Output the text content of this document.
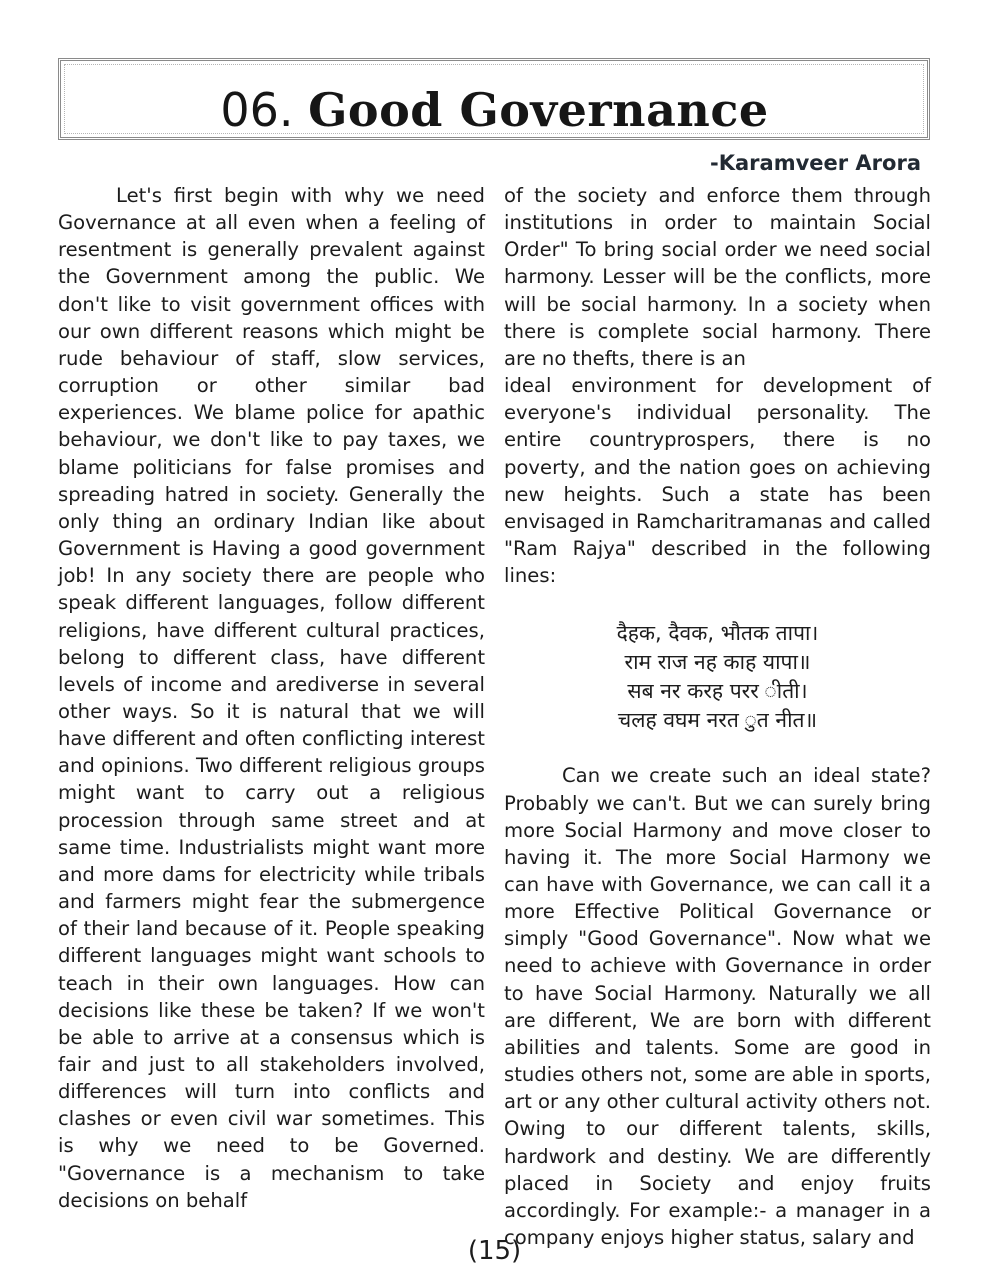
06. Good Governance
-Karamveer Arora

Let's first begin with why we need Governance at all even when a feeling of resentment is generally prevalent against the Government among the public. We don't like to visit government offices with our own different reasons which might be rude behaviour of staff, slow services, corruption or other similar bad experiences. We blame police for apathic behaviour, we don't like to pay taxes, we blame politicians for false promises and spreading hatred in society. Generally the only thing an ordinary Indian like about Government is Having a good government job! In any society there are people who speak different languages, follow different religions, have different cultural practices, belong to different class, have different levels of income and arediverse in several other ways. So it is natural that we will have different and often conflicting interest and opinions. Two different religious groups might want to carry out a religious procession through same street and at same time. Industrialists might want more and more dams for electricity while tribals and farmers might fear the submergence of their land because of it. People speaking different languages might want schools to teach in their own languages. How can decisions like these be taken? If we won't be able to arrive at a consensus which is fair and just to all stakeholders involved, differences will turn into conflicts and clashes or even civil war sometimes. This is why we need to be Governed. "Governance is a mechanism to take decisions on behalf

of the society and enforce them through institutions in order to maintain Social Order" To bring social order we need social harmony. Lesser will be the conflicts, more will be social harmony. In a society when there is complete social harmony. There are no thefts, there is an

ideal environment for development of everyone's individual personality. The entire countryprospers, there is no poverty, and the nation goes on achieving new heights. Such a state has been envisaged in Ramcharitramanas and called "Ram Rajya" described in the following lines:

दैहक, दैवक, भौतक तापा।
राम राज नह काह यापा॥
सब नर करह परर ीती।
चलह वघम नरत ुत नीत॥

Can we create such an ideal state? Probably we can't. But we can surely bring more Social Harmony and move closer to having it. The more Social Harmony we can have with Governance, we can call it a more Effective Political Governance or simply "Good Governance". Now what we need to achieve with Governance in order to have Social Harmony. Naturally we all are different, We are born with different abilities and talents. Some are good in studies others not, some are able in sports, art or any other cultural activity others not. Owing to our different talents, skills, hardwork and destiny. We are differently placed in Society and enjoy fruits accordingly. For example:- a manager in a company enjoys higher status, salary and

(15)
